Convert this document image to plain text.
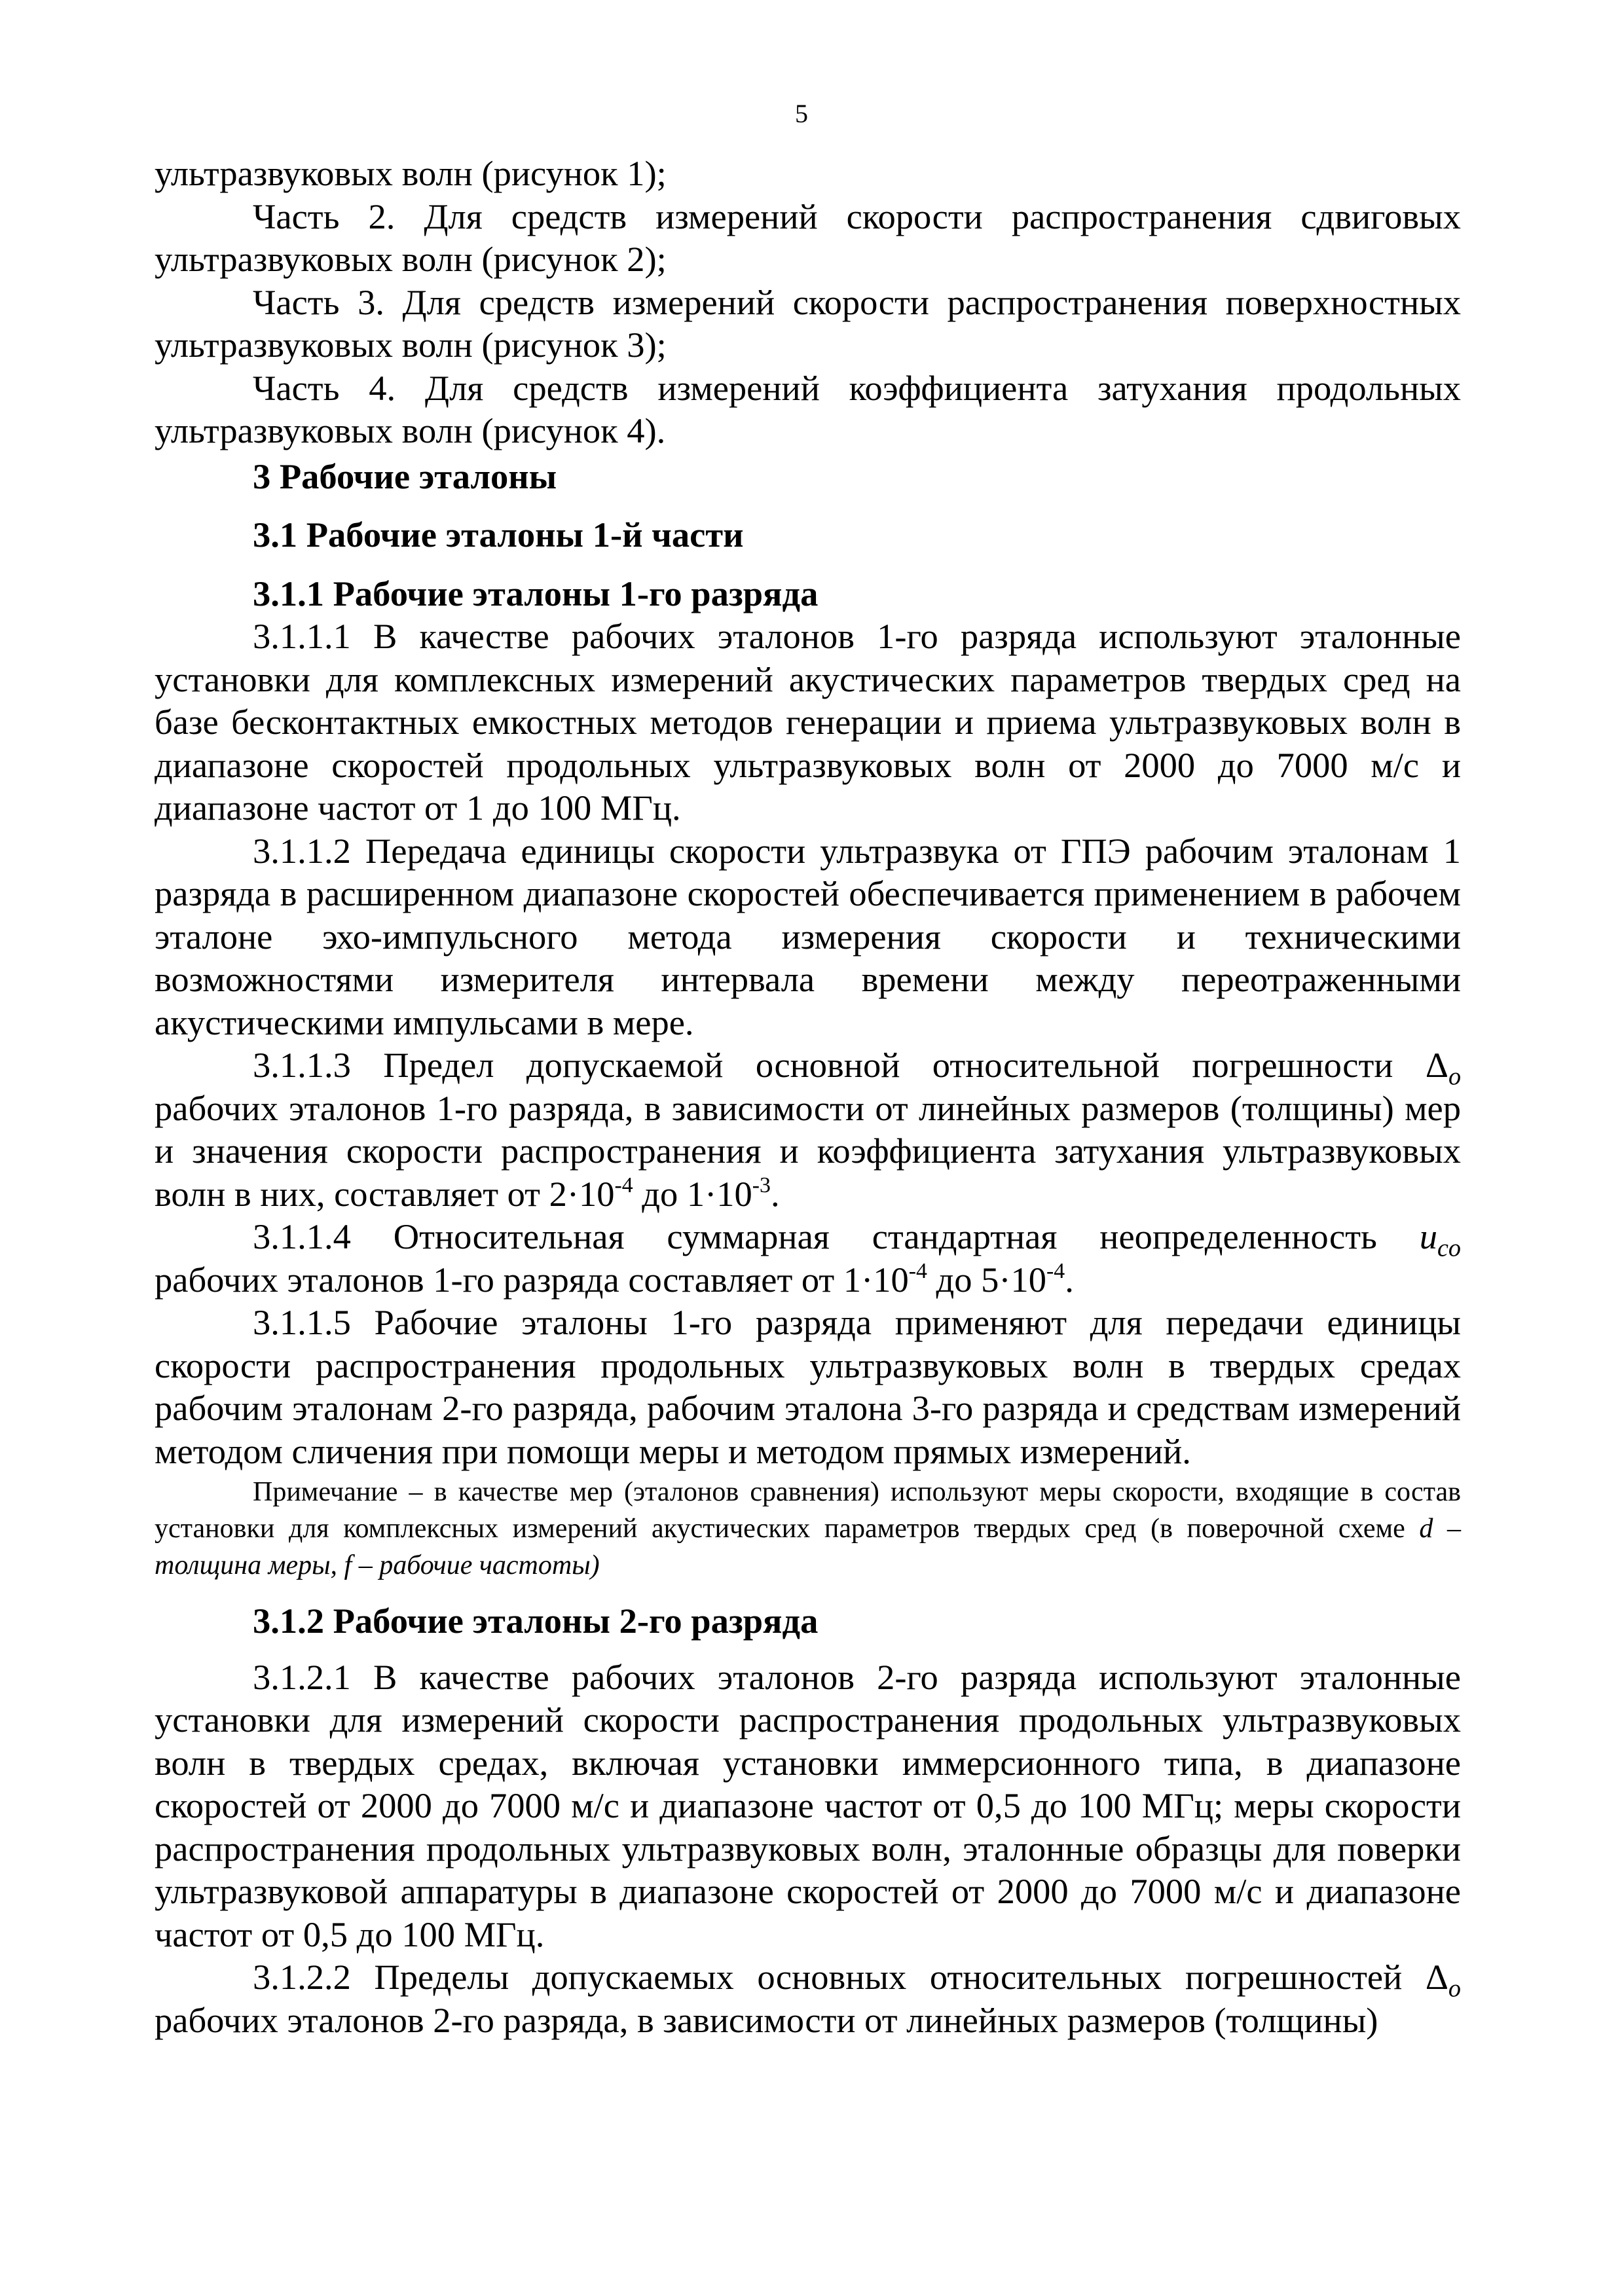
5

ультразвуковых волн (рисунок 1);

Часть 2. Для средств измерений скорости распространения сдвиговых ультразвуковых волн (рисунок 2);

Часть 3. Для средств измерений скорости распространения поверхностных ультразвуковых волн (рисунок 3);

Часть 4. Для средств измерений коэффициента затухания продольных ультразвуковых волн (рисунок 4).

3 Рабочие эталоны
3.1 Рабочие эталоны 1-й части
3.1.1 Рабочие эталоны 1-го разряда

3.1.1.1 В качестве рабочих эталонов 1-го разряда используют эталонные установки для комплексных измерений акустических параметров твердых сред на базе бесконтактных емкостных методов генерации и приема ультразвуковых волн в диапазоне скоростей продольных ультразвуковых волн от 2000 до 7000 м/с и диапазоне частот от 1 до 100 МГц.

3.1.1.2 Передача единицы скорости ультразвука от ГПЭ рабочим эталонам 1 разряда в расширенном диапазоне скоростей обеспечивается применением в рабочем эталоне эхо-импульсного метода измерения скорости и техническими возможностями измерителя интервала времени между переотраженными акустическими импульсами в мере.

3.1.1.3 Предел допускаемой основной относительной погрешности $\Delta_o$

рабочих эталонов 1-го разряда, в зависимости от линейных размеров (толщины) мер и значения скорости распространения и коэффициента затухания ультразвуковых волн в них, составляет от $2\cdot 10^{-4}$ до $1\cdot 10^{-3}$.

3.1.1.4 Относительная суммарная стандартная неопределенность $u_{co}$

рабочих эталонов 1-го разряда составляет от $1\cdot 10^{-4}$ до $5\cdot 10^{-4}$.

3.1.1.5 Рабочие эталоны 1-го разряда применяют для передачи единицы скорости распространения продольных ультразвуковых волн в твердых средах рабочим эталонам 2-го разряда, рабочим эталона 3-го разряда и средствам измерений методом сличения при помощи меры и методом прямых измерений.

Примечание – в качестве мер (эталонов сравнения) используют меры скорости, входящие в состав установки для комплексных измерений акустических параметров твердых сред (в поверочной схеме d –толщина меры, f – рабочие частоты)
3.1.2 Рабочие эталоны 2-го разряда

3.1.2.1 В качестве рабочих эталонов 2-го разряда используют эталонные установки для измерений скорости распространения продольных ультразвуковых волн в твердых средах, включая установки иммерсионного типа, в диапазоне скоростей от 2000 до 7000 м/с и диапазоне частот от 0,5 до 100 МГц; меры скорости распространения продольных ультразвуковых волн, эталонные образцы для поверки ультразвуковой аппаратуры в диапазоне скоростей от 2000 до 7000 м/с и диапазоне частот от 0,5 до 100 МГц.

3.1.2.2 Пределы допускаемых основных относительных погрешностей $\Delta_o$

рабочих эталонов 2-го разряда, в зависимости от линейных размеров (толщины)
